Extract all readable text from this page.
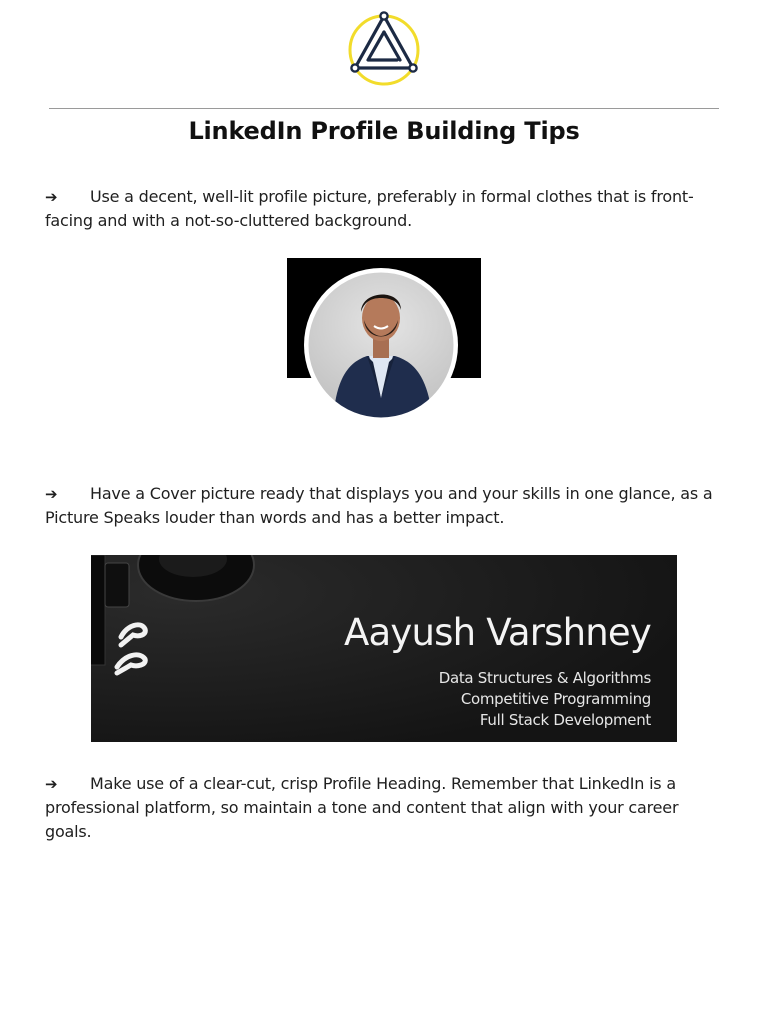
LinkedIn Profile Building Tips
➔ Use a decent, well-lit profile picture, preferably in formal clothes that is front-facing and with a not-so-cluttered background.
➔ Have a Cover picture ready that displays you and your skills in one glance, as a Picture Speaks louder than words and has a better impact.
Aayush Varshney
Data Structures & Algorithms
Competitive Programming
Full Stack Development
➔ Make use of a clear-cut, crisp Profile Heading. Remember that LinkedIn is a professional platform, so maintain a tone and content that align with your career goals.
